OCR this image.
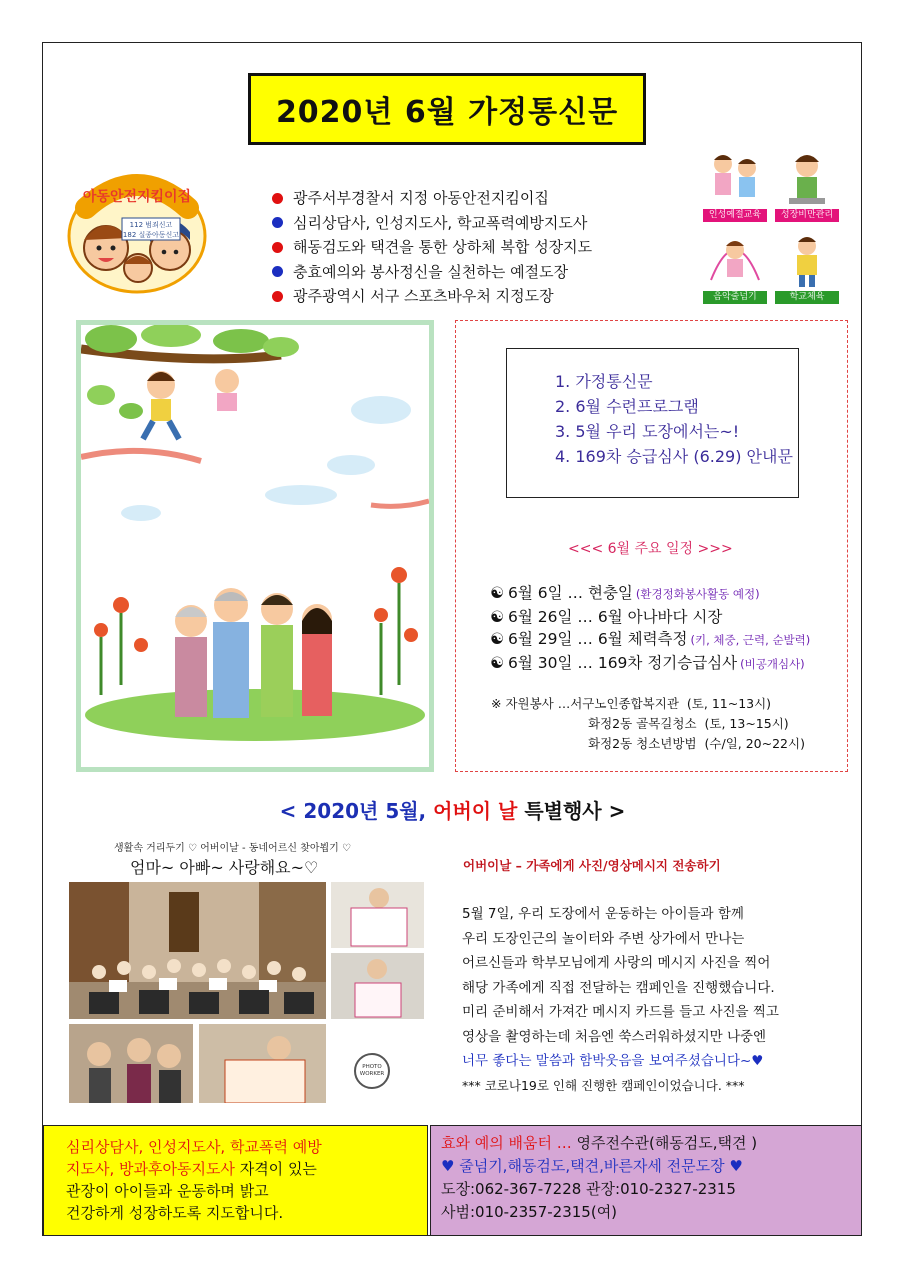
2020년 6월 가정통신문
아동안전지킴이집
112 범죄신고
182 실종아동신고
광주서부경찰서 지정 아동안전지킴이집
심리상담사, 인성지도사, 학교폭력예방지도사
해동검도와 택견을 통한 상하체 복합 성장지도
충효예의와 봉사정신을 실천하는 예절도장
광주광역시 서구 스포츠바우처 지정도장
인성예절교육	성장비만관리
음악줄넘기	학교체육
1. 가정통신문
2. 6월 수련프로그램
3. 5월 우리 도장에서는~!
4. 169차 승급심사 (6.29) 안내문
<<< 6월 주요 일정 >>>
☯ 6월 6일 …
현충일 (환경정화봉사활동 예정)
☯ 6월 26일 …
6월 아나바다 시장
☯ 6월 29일 …
6월 체력측정 (키, 체중, 근력, 순발력)
☯ 6월 30일 …
169차 정기승급심사 (비공개심사)
※ 자원봉사 … 서구노인종합복지관 (토, 11~13시)
화정2동 골목길청소 (토, 13~15시)
화정2동 청소년방범 (수/일, 20~22시)
< 2020년 5월, 어버이 날 특별행사 >
생활속 거리두기 ♡ 어버이날 - 동네어르신 찾아뵙기 ♡
엄마~ 아빠~ 사랑해요~♡
PHOTO WORKER
어버이날 – 가족에게 사진/영상메시지 전송하기
5월 7일, 우리 도장에서 운동하는 아이들과 함께
우리 도장인근의 놀이터와 주변 상가에서 만나는
어르신들과 학부모님에게 사랑의 메시지 사진을 찍어
해당 가족에게 직접 전달하는 캠페인을 진행했습니다.
미리 준비해서 가져간 메시지 카드를 들고 사진을 찍고
영상을 촬영하는데 처음엔 쑥스러워하셨지만 나중엔
너무 좋다는 말씀과 함박웃음을 보여주셨습니다~♥
*** 코로나19로 인해 진행한 캠페인이었습니다. ***
심리상담사, 인성지도사, 학교폭력 예방
지도사, 방과후아동지도사 자격이 있는
관장이 아이들과 운동하며 밝고
건강하게 성장하도록 지도합니다.
효와 예의 배움터 … 영주전수관(해동검도,택견 )
♥ 줄넘기,해동검도,택견,바른자세 전문도장 ♥
도장:062-367-7228 관장:010-2327-2315
사범:010-2357-2315(여)
